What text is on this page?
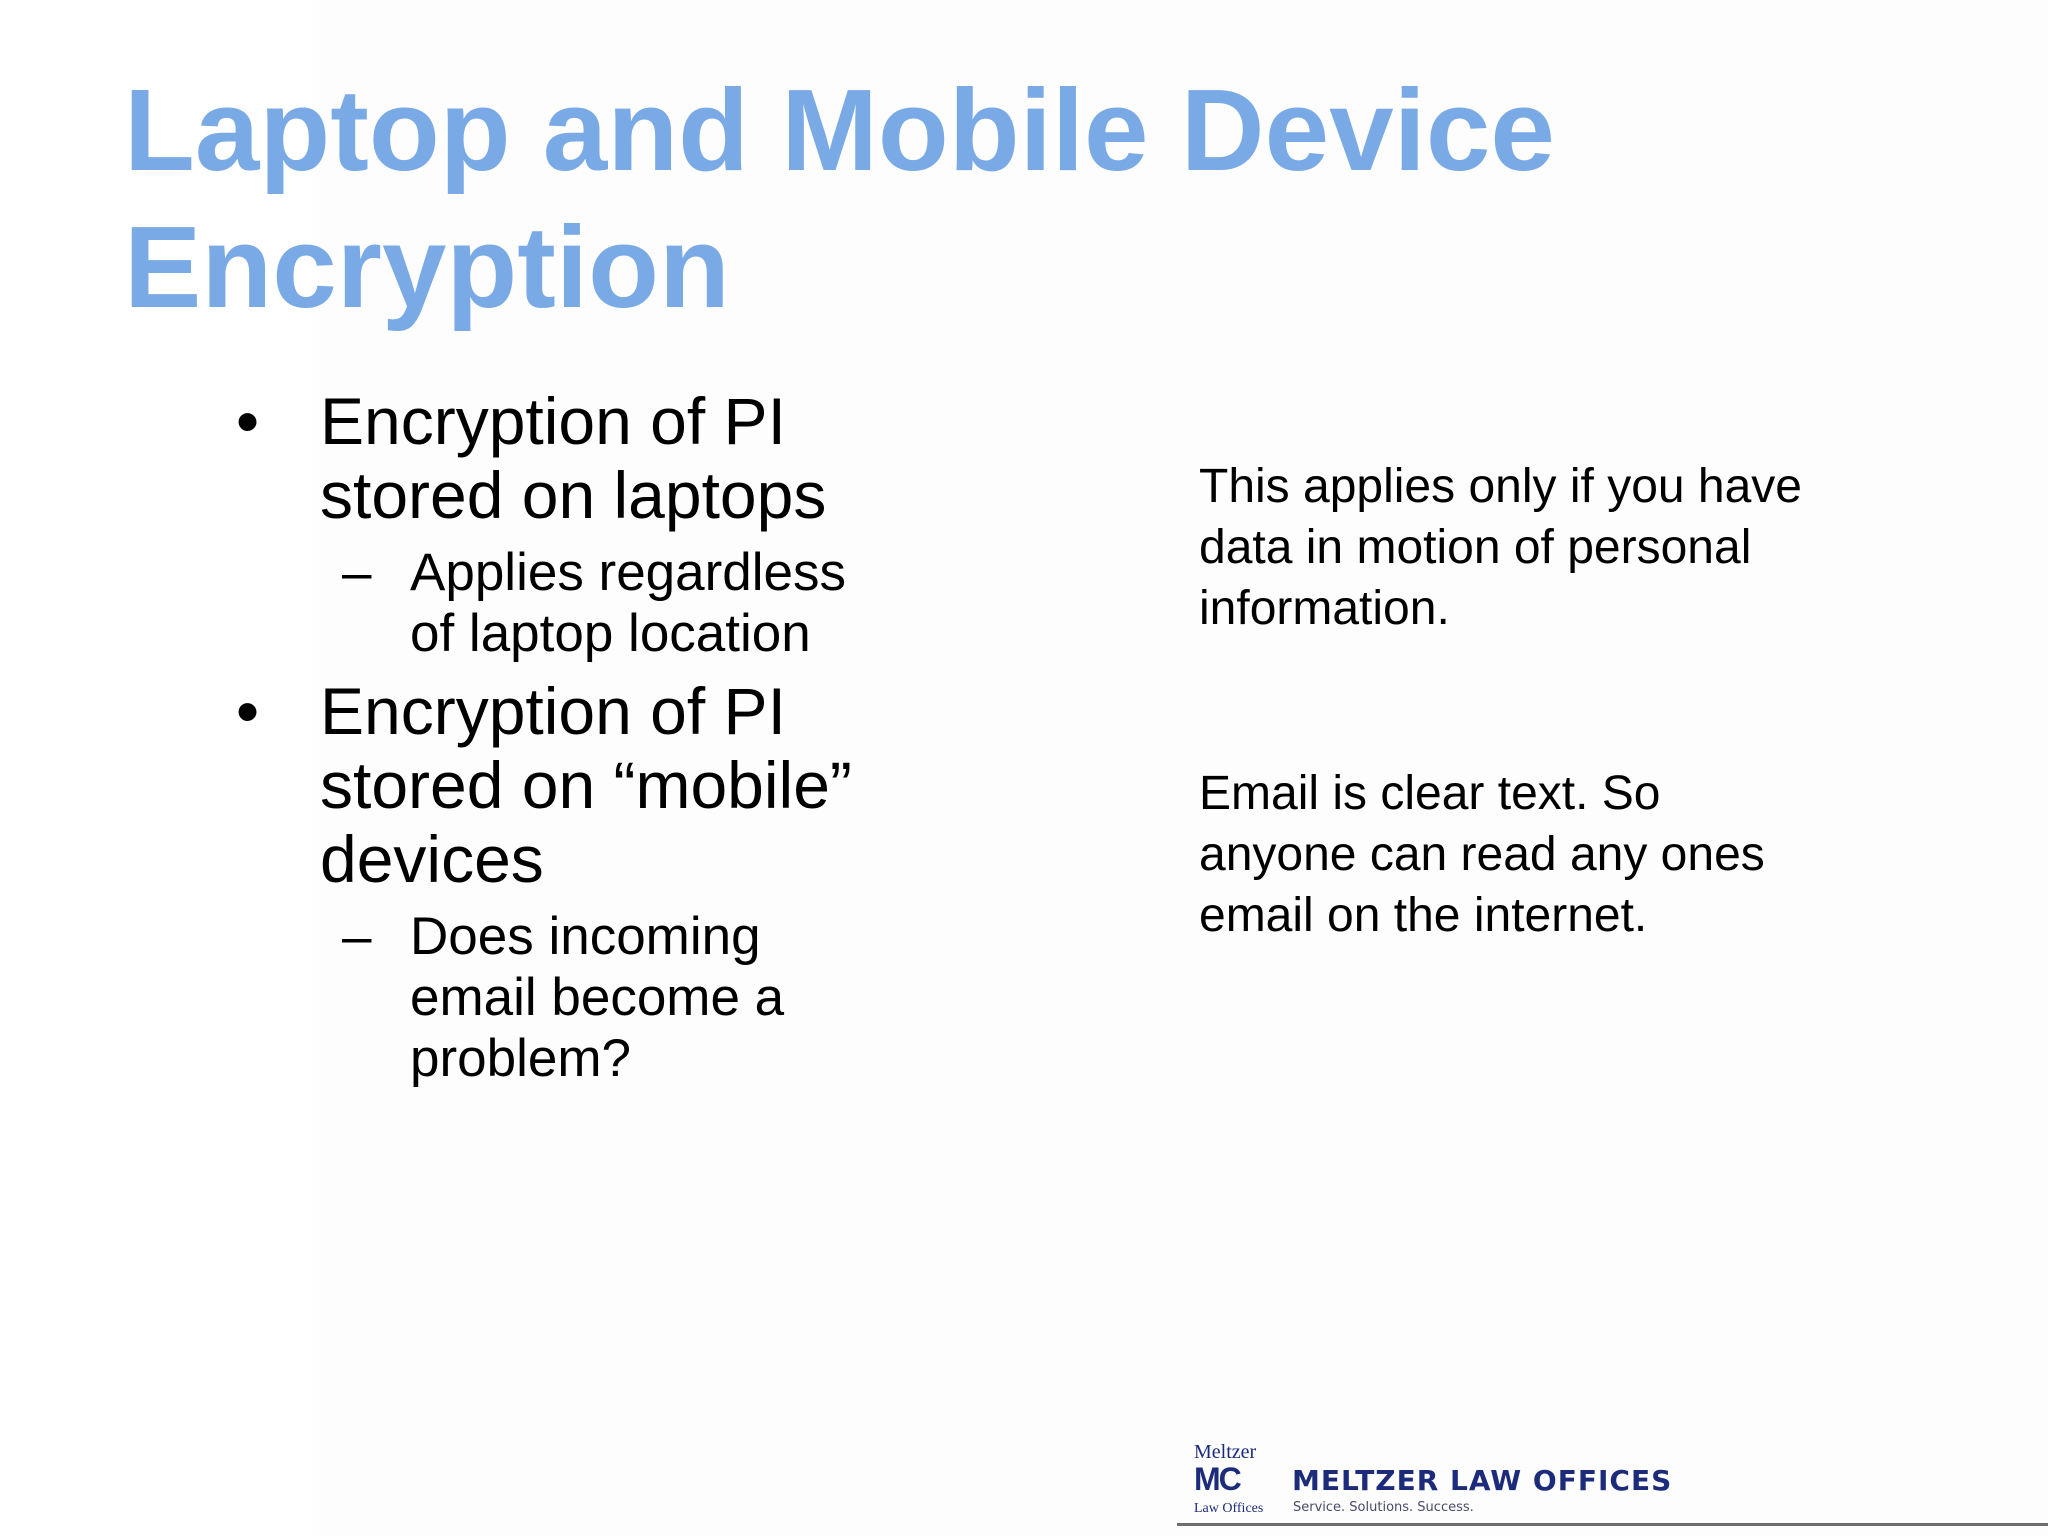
Laptop and Mobile Device
Encryption
• Encryption of PI
stored on laptops
– Applies regardless
of laptop location
• Encryption of PI
stored on “mobile”
devices
– Does incoming
email become a
problem?

This applies only if you have
data in motion of personal
information.

Email is clear text. So
anyone can read any ones
email on the internet.

Meltzer
MC
Law Offices
MELTZER LAW OFFICES
Service. Solutions. Success.
